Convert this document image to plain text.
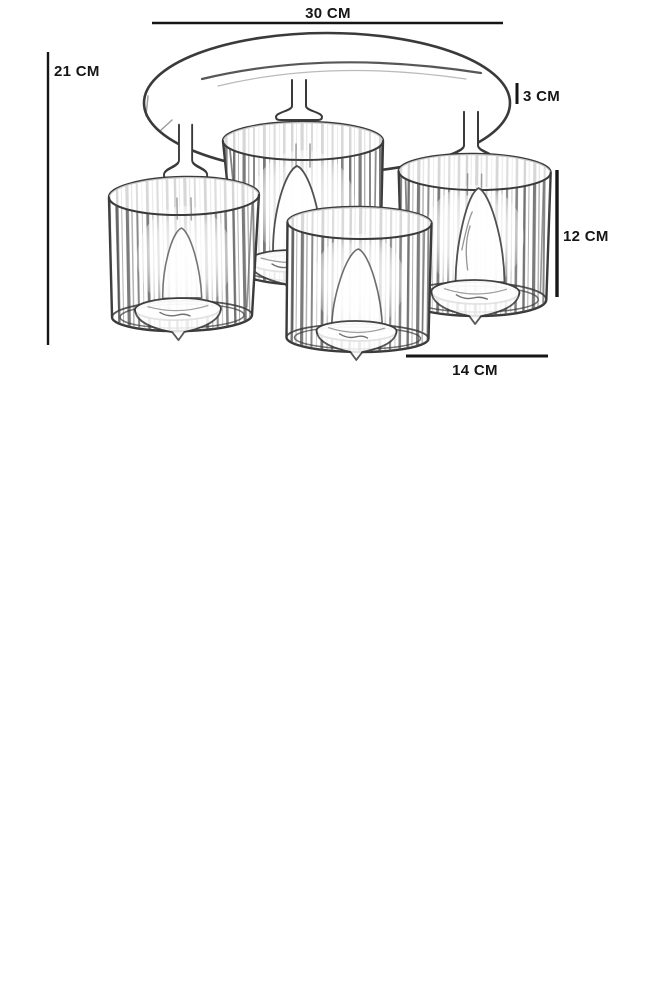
30 CM
21 CM
3 CM
12 CM
14 CM
